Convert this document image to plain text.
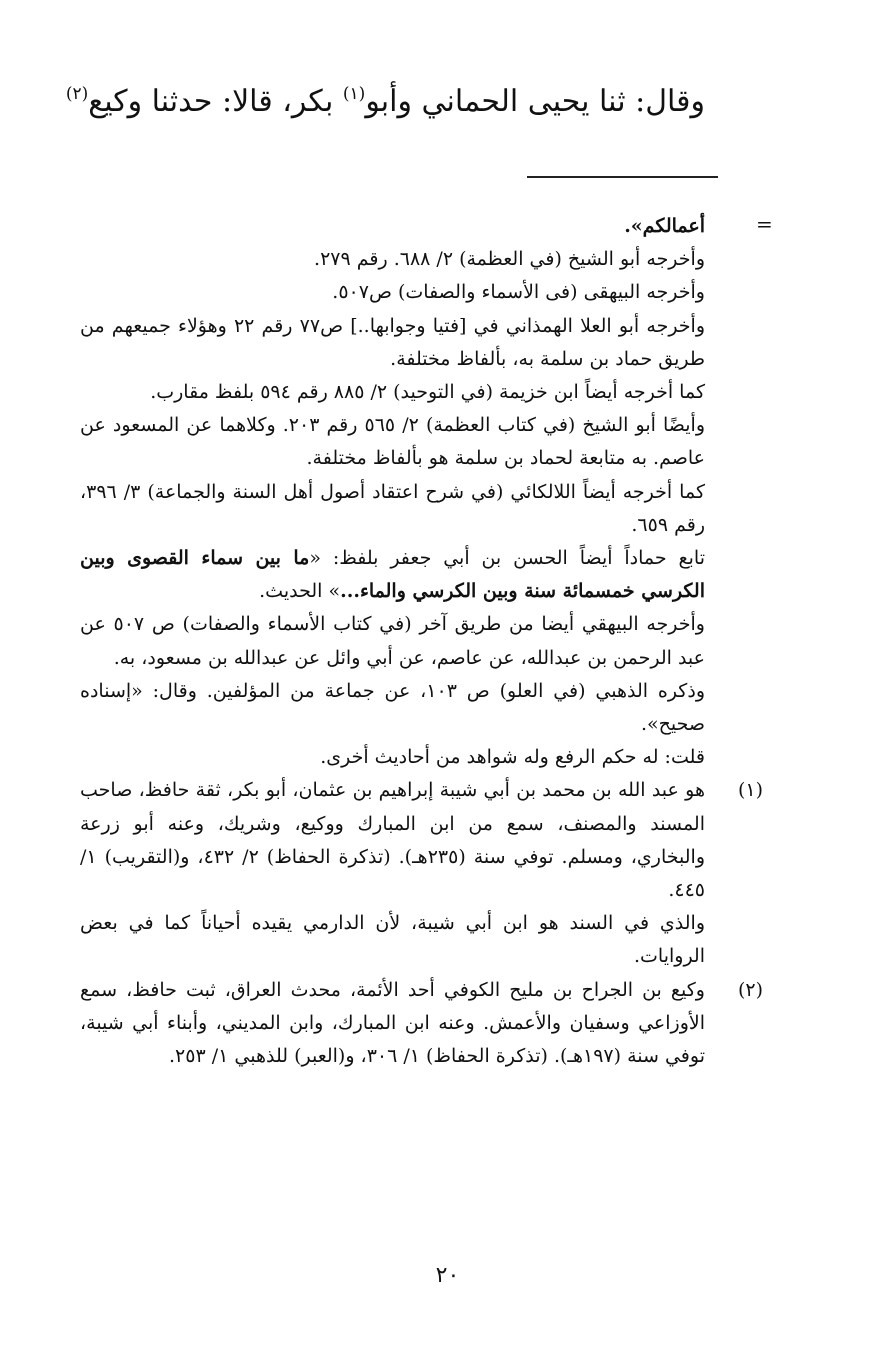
وقال: ثنا يحيى الحماني وأبو$^{(١)}$ بكر، قالا: حدثنا وكيع$^{(٢)}$
=

أعمالكم».

وأخرجه أبو الشيخ (في العظمة) ٢/ ٦٨٨. رقم ٢٧٩.

وأخرجه البيهقى (فى الأسماء والصفات) ص٥٠٧.

وأخرجه أبو العلا الهمذاني في [فتيا وجوابها..] ص٧٧ رقم ٢٢ وهؤلاء جميعهم من طريق حماد بن سلمة به، بألفاظ مختلفة.

كما أخرجه أيضاً ابن خزيمة (في التوحيد) ٢/ ٨٨٥ رقم ٥٩٤ بلفظ مقارب.

وأيضًا أبو الشيخ (في كتاب العظمة) ٢/ ٥٦٥ رقم ٢٠٣. وكلاهما عن المسعود عن عاصم. به متابعة لحماد بن سلمة هو بألفاظ مختلفة.

كما أخرجه أيضاً اللالكائي (في شرح اعتقاد أصول أهل السنة والجماعة) ٣/ ٣٩٦، رقم ٦٥٩.

تابع حماداً أيضاً الحسن بن أبي جعفر بلفظ: «ما بين سماء القصوى وبين الكرسي خمسمائة سنة وبين الكرسي والماء...» الحديث.

وأخرجه البيهقي أيضا من طريق آخر (في كتاب الأسماء والصفات) ص ٥٠٧ عن عبد الرحمن بن عبدالله، عن عاصم، عن أبي وائل عن عبدالله بن مسعود، به.

وذكره الذهبي (في العلو) ص ١٠٣، عن جماعة من المؤلفين. وقال: «إسناده صحيح».

قلت: له حكم الرفع وله شواهد من أحاديث أخرى.

(١)

هو عبد الله بن محمد بن أبي شيبة إبراهيم بن عثمان، أبو بكر، ثقة حافظ، صاحب المسند والمصنف، سمع من ابن المبارك ووكيع، وشريك، وعنه أبو زرعة والبخاري، ومسلم. توفي سنة (٢٣٥هـ). (تذكرة الحفاظ) ٢/ ٤٣٢، و(التقريب) ١/ ٤٤٥.

والذي في السند هو ابن أبي شيبة، لأن الدارمي يقيده أحياناً كما في بعض الروايات.

(٢)

وكيع بن الجراح بن مليح الكوفي أحد الأئمة، محدث العراق، ثبت حافظ، سمع الأوزاعي وسفيان والأعمش. وعنه ابن المبارك، وابن المديني، وأبناء أبي شيبة، توفي سنة (١٩٧هـ). (تذكرة الحفاظ) ١/ ٣٠٦، و(العبر) للذهبي ١/ ٢٥٣.

٢٠
